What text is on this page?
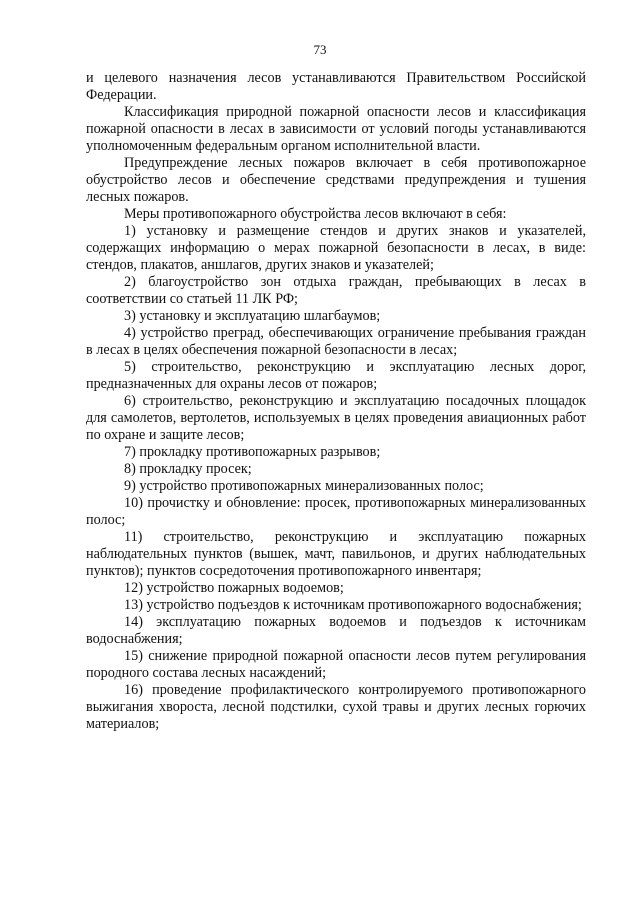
73

и целевого назначения лесов устанавливаются Правительством Российской Федерации.

Классификация природной пожарной опасности лесов и классификация пожарной опасности в лесах в зависимости от условий погоды устанавливаются уполномоченным федеральным органом исполнительной власти.

Предупреждение лесных пожаров включает в себя противопожарное обустройство лесов и обеспечение средствами предупреждения и тушения лесных пожаров.

Меры противопожарного обустройства лесов включают в себя:

1) установку и размещение стендов и других знаков и указателей, содержащих информацию о мерах пожарной безопасности в лесах, в виде: стендов, плакатов, аншлагов, других знаков и указателей;

2) благоустройство зон отдыха граждан, пребывающих в лесах в соответствии со статьей 11 ЛК РФ;

3) установку и эксплуатацию шлагбаумов;

4) устройство преград, обеспечивающих ограничение пребывания граждан в лесах в целях обеспечения пожарной безопасности в лесах;

5) строительство, реконструкцию и эксплуатацию лесных дорог, предназначенных для охраны лесов от пожаров;

6) строительство, реконструкцию и эксплуатацию посадочных площадок для самолетов, вертолетов, используемых в целях проведения авиационных работ по охране и защите лесов;

7) прокладку противопожарных разрывов;

8) прокладку просек;

9) устройство противопожарных минерализованных полос;

10) прочистку и обновление: просек, противопожарных минерализованных полос;

11) строительство, реконструкцию и эксплуатацию пожарных наблюдательных пунктов (вышек, мачт, павильонов, и других наблюдательных пунктов); пунктов сосредоточения противопожарного инвентаря;

12) устройство пожарных водоемов;

13) устройство подъездов к источникам противопожарного водоснабжения;

14) эксплуатацию пожарных водоемов и подъездов к источникам водоснабжения;

15) снижение природной пожарной опасности лесов путем регулирования породного состава лесных насаждений;

16) проведение профилактического контролируемого противопожарного выжигания хвороста, лесной подстилки, сухой травы и других лесных горючих материалов;
